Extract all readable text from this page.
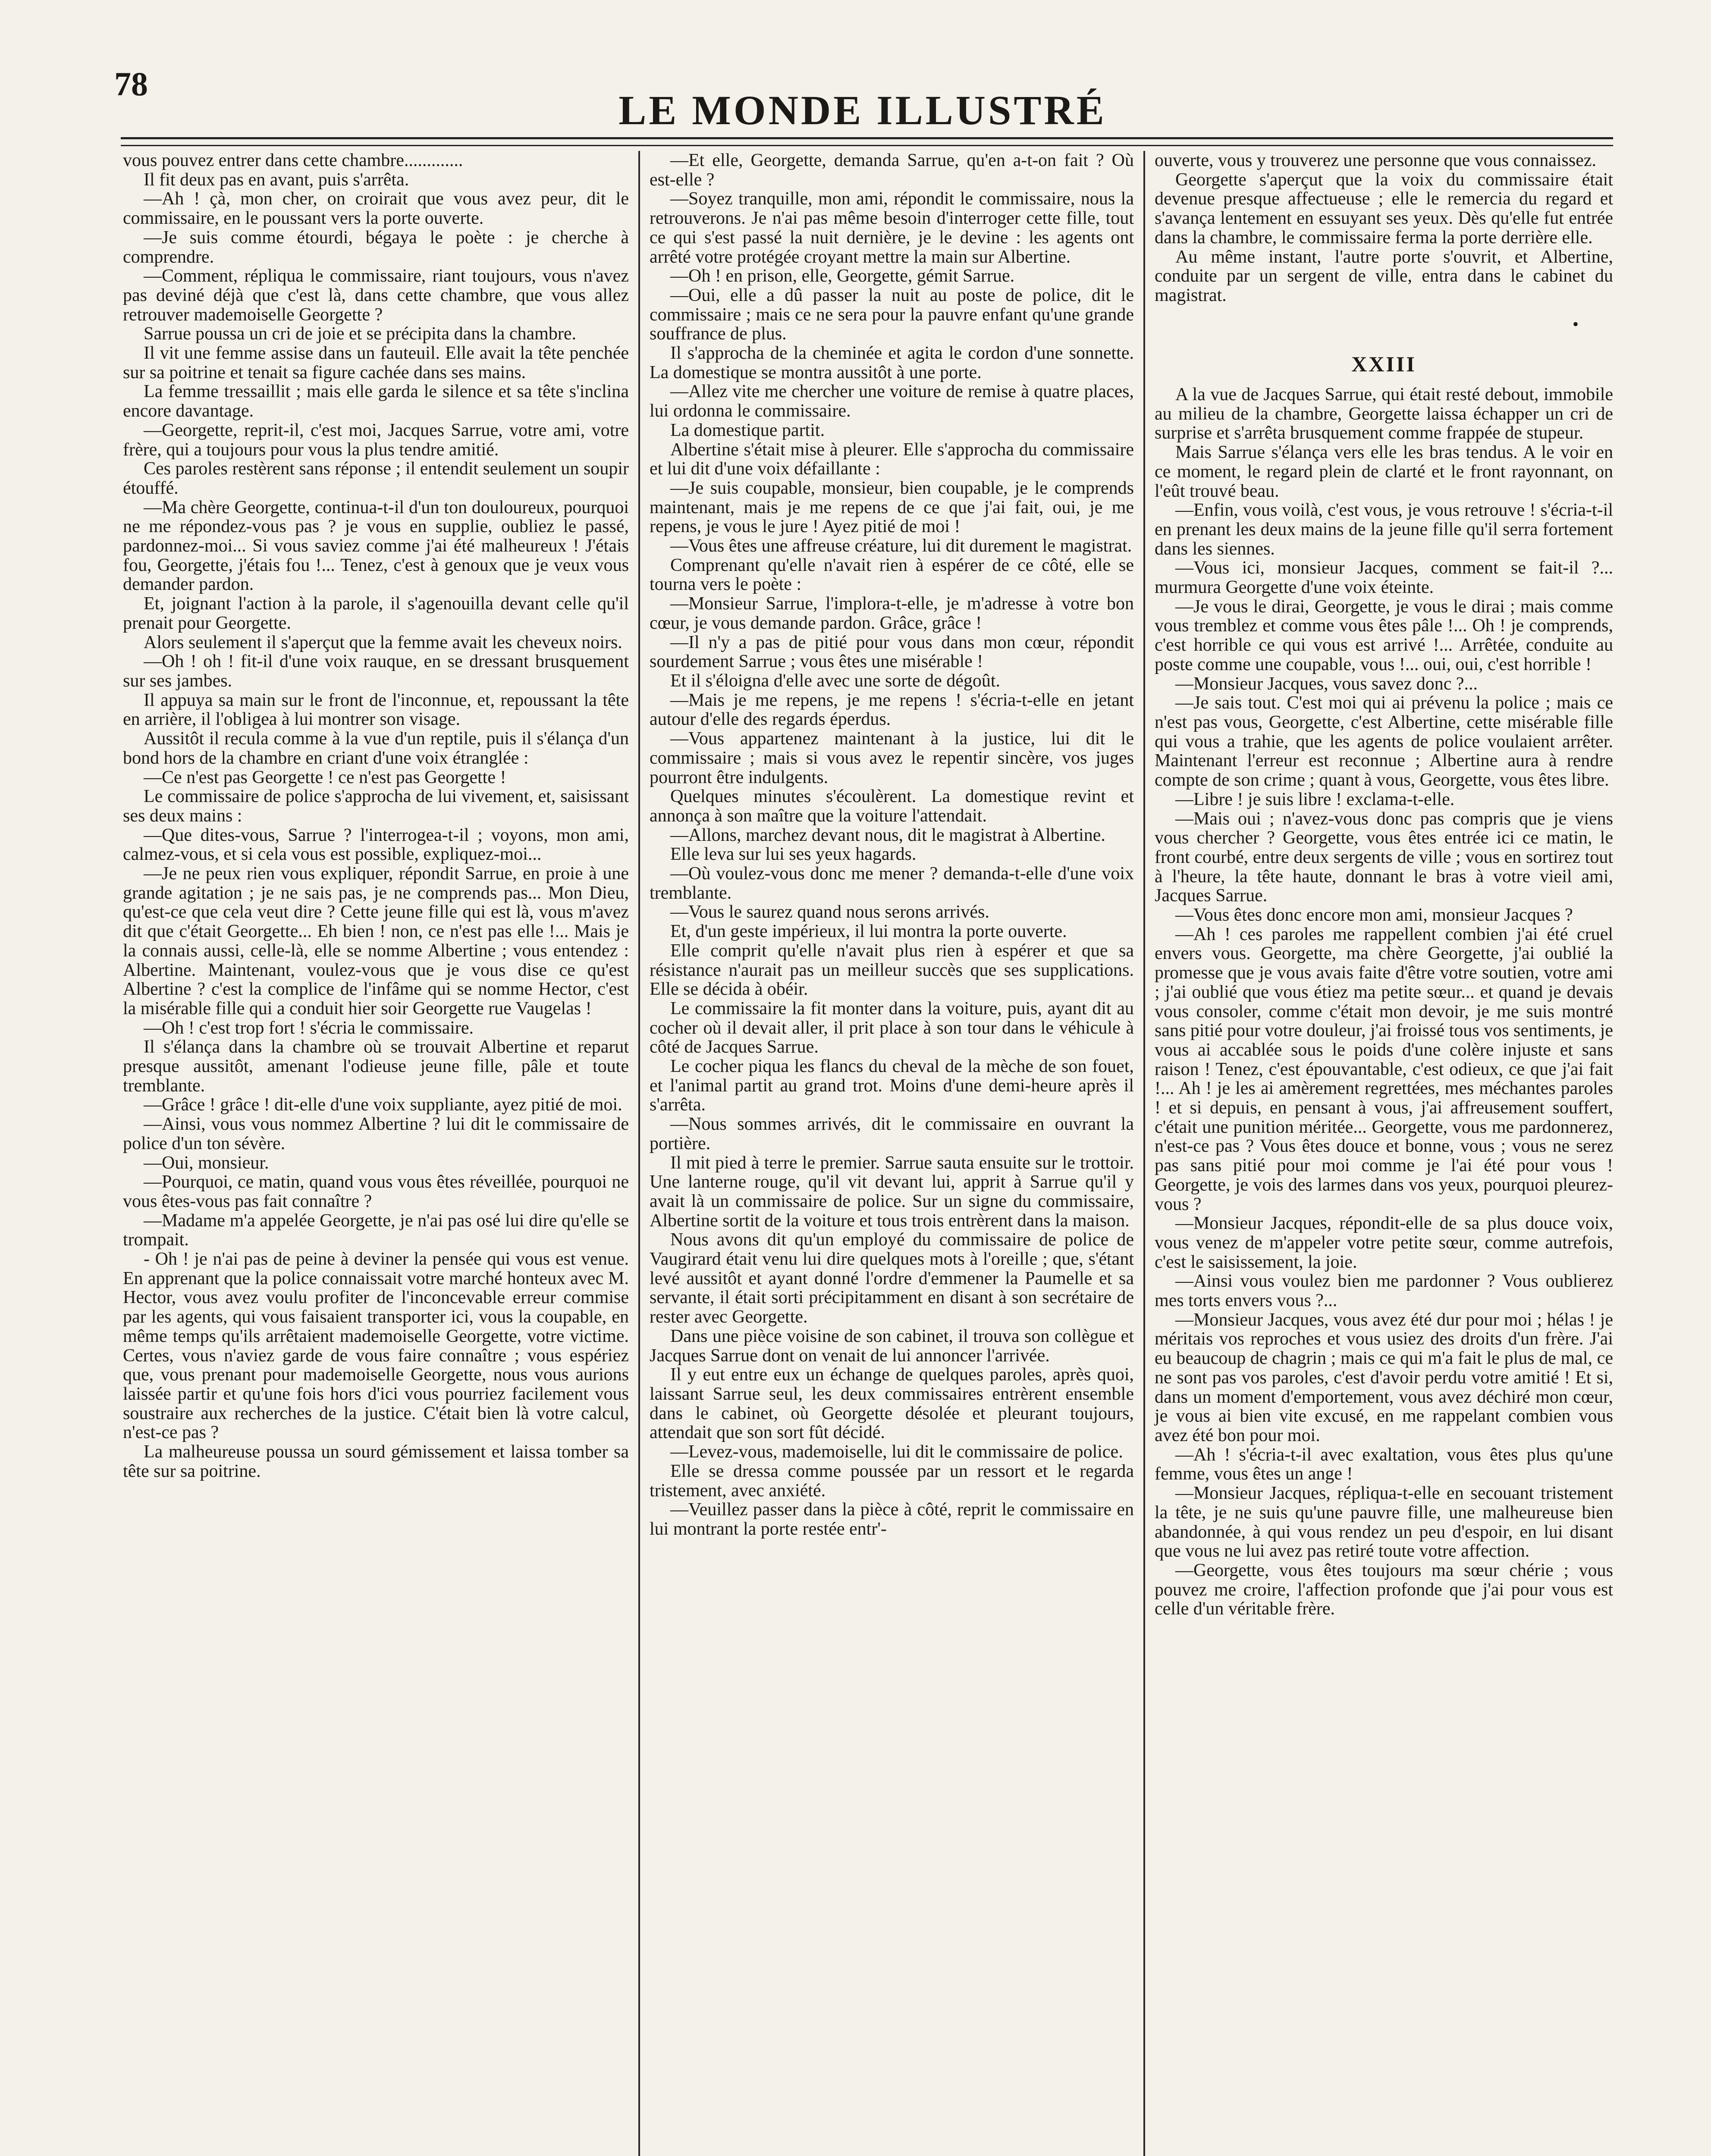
78
LE MONDE ILLUSTRÉ

vous pouvez entrer dans cette chambre.............

Il fit deux pas en avant, puis s'arrêta.

—Ah ! çà, mon cher, on croirait que vous avez peur, dit le commissaire, en le poussant vers la porte ouverte.

—Je suis comme étourdi, bégaya le poète : je cherche à comprendre.

—Comment, répliqua le commissaire, riant toujours, vous n'avez pas deviné déjà que c'est là, dans cette chambre, que vous allez retrouver mademoiselle Georgette ?

Sarrue poussa un cri de joie et se précipita dans la chambre.

Il vit une femme assise dans un fauteuil. Elle avait la tête penchée sur sa poitrine et tenait sa figure cachée dans ses mains.

La femme tressaillit ; mais elle garda le silence et sa tête s'inclina encore davantage.

—Georgette, reprit-il, c'est moi, Jacques Sarrue, votre ami, votre frère, qui a toujours pour vous la plus tendre amitié.

Ces paroles restèrent sans réponse ; il entendit seulement un soupir étouffé.

—Ma chère Georgette, continua-t-il d'un ton douloureux, pourquoi ne me répondez-vous pas ? je vous en supplie, oubliez le passé, pardonnez-moi... Si vous saviez comme j'ai été malheureux ! J'étais fou, Georgette, j'étais fou !... Tenez, c'est à genoux que je veux vous demander pardon.

Et, joignant l'action à la parole, il s'agenouilla devant celle qu'il prenait pour Georgette.

Alors seulement il s'aperçut que la femme avait les cheveux noirs.

—Oh ! oh ! fit-il d'une voix rauque, en se dressant brusquement sur ses jambes.

Il appuya sa main sur le front de l'inconnue, et, repoussant la tête en arrière, il l'obligea à lui montrer son visage.

Aussitôt il recula comme à la vue d'un reptile, puis il s'élança d'un bond hors de la chambre en criant d'une voix étranglée :

—Ce n'est pas Georgette ! ce n'est pas Georgette !

Le commissaire de police s'approcha de lui vivement, et, saisissant ses deux mains :

—Que dites-vous, Sarrue ? l'interrogea-t-il ; voyons, mon ami, calmez-vous, et si cela vous est possible, expliquez-moi...

—Je ne peux rien vous expliquer, répondit Sarrue, en proie à une grande agitation ; je ne sais pas, je ne comprends pas... Mon Dieu, qu'est-ce que cela veut dire ? Cette jeune fille qui est là, vous m'avez dit que c'était Georgette... Eh bien ! non, ce n'est pas elle !... Mais je la connais aussi, celle-là, elle se nomme Albertine ; vous entendez : Albertine. Maintenant, voulez-vous que je vous dise ce qu'est Albertine ? c'est la complice de l'infâme qui se nomme Hector, c'est la misérable fille qui a conduit hier soir Georgette rue Vaugelas !

—Oh ! c'est trop fort ! s'écria le commissaire.

Il s'élança dans la chambre où se trouvait Albertine et reparut presque aussitôt, amenant l'odieuse jeune fille, pâle et toute tremblante.

—Grâce ! grâce ! dit-elle d'une voix suppliante, ayez pitié de moi.

—Ainsi, vous vous nommez Albertine ? lui dit le commissaire de police d'un ton sévère.

—Oui, monsieur.

—Pourquoi, ce matin, quand vous vous êtes réveillée, pourquoi ne vous êtes-vous pas fait connaître ?

—Madame m'a appelée Georgette, je n'ai pas osé lui dire qu'elle se trompait.

- Oh ! je n'ai pas de peine à deviner la pensée qui vous est venue. En apprenant que la police connaissait votre marché honteux avec M. Hector, vous avez voulu profiter de l'inconcevable erreur commise par les agents, qui vous faisaient transporter ici, vous la coupable, en même temps qu'ils arrêtaient mademoiselle Georgette, votre victime. Certes, vous n'aviez garde de vous faire connaître ; vous espériez que, vous prenant pour mademoiselle Georgette, nous vous aurions laissée partir et qu'une fois hors d'ici vous pourriez facilement vous soustraire aux recherches de la justice. C'était bien là votre calcul, n'est-ce pas ?

La malheureuse poussa un sourd gémissement et laissa tomber sa tête sur sa poitrine.

—Et elle, Georgette, demanda Sarrue, qu'en a-t-on fait ? Où est-elle ?

—Soyez tranquille, mon ami, répondit le commissaire, nous la retrouverons. Je n'ai pas même besoin d'interroger cette fille, tout ce qui s'est passé la nuit dernière, je le devine : les agents ont arrêté votre protégée croyant mettre la main sur Albertine.

—Oh ! en prison, elle, Georgette, gémit Sarrue.

—Oui, elle a dû passer la nuit au poste de police, dit le commissaire ; mais ce ne sera pour la pauvre enfant qu'une grande souffrance de plus.

Il s'approcha de la cheminée et agita le cordon d'une sonnette. La domestique se montra aussitôt à une porte.

—Allez vite me chercher une voiture de remise à quatre places, lui ordonna le commissaire.

La domestique partit.

Albertine s'était mise à pleurer. Elle s'approcha du commissaire et lui dit d'une voix défaillante :

—Je suis coupable, monsieur, bien coupable, je le comprends maintenant, mais je me repens de ce que j'ai fait, oui, je me repens, je vous le jure ! Ayez pitié de moi !

—Vous êtes une affreuse créature, lui dit durement le magistrat.

Comprenant qu'elle n'avait rien à espérer de ce côté, elle se tourna vers le poète :

—Monsieur Sarrue, l'implora-t-elle, je m'adresse à votre bon cœur, je vous demande pardon. Grâce, grâce !

—Il n'y a pas de pitié pour vous dans mon cœur, répondit sourdement Sarrue ; vous êtes une misérable !

Et il s'éloigna d'elle avec une sorte de dégoût.

—Mais je me repens, je me repens ! s'écria-t-elle en jetant autour d'elle des regards éperdus.

—Vous appartenez maintenant à la justice, lui dit le commissaire ; mais si vous avez le repentir sincère, vos juges pourront être indulgents.

Quelques minutes s'écoulèrent. La domestique revint et annonça à son maître que la voiture l'attendait.

—Allons, marchez devant nous, dit le magistrat à Albertine.

Elle leva sur lui ses yeux hagards.

—Où voulez-vous donc me mener ? demanda-t-elle d'une voix tremblante.

—Vous le saurez quand nous serons arrivés.

Et, d'un geste impérieux, il lui montra la porte ouverte.

Elle comprit qu'elle n'avait plus rien à espérer et que sa résistance n'aurait pas un meilleur succès que ses supplications. Elle se décida à obéir.

Le commissaire la fit monter dans la voiture, puis, ayant dit au cocher où il devait aller, il prit place à son tour dans le véhicule à côté de Jacques Sarrue.

Le cocher piqua les flancs du cheval de la mèche de son fouet, et l'animal partit au grand trot. Moins d'une demi-heure après il s'arrêta.

—Nous sommes arrivés, dit le commissaire en ouvrant la portière.

Il mit pied à terre le premier. Sarrue sauta ensuite sur le trottoir. Une lanterne rouge, qu'il vit devant lui, apprit à Sarrue qu'il y avait là un commissaire de police. Sur un signe du commissaire, Albertine sortit de la voiture et tous trois entrèrent dans la maison.

Nous avons dit qu'un employé du commissaire de police de Vaugirard était venu lui dire quelques mots à l'oreille ; que, s'étant levé aussitôt et ayant donné l'ordre d'emmener la Paumelle et sa servante, il était sorti précipitamment en disant à son secrétaire de rester avec Georgette.

Dans une pièce voisine de son cabinet, il trouva son collègue et Jacques Sarrue dont on venait de lui annoncer l'arrivée.

Il y eut entre eux un échange de quelques paroles, après quoi, laissant Sarrue seul, les deux commissaires entrèrent ensemble dans le cabinet, où Georgette désolée et pleurant toujours, attendait que son sort fût décidé.

—Levez-vous, mademoiselle, lui dit le commissaire de police.

Elle se dressa comme poussée par un ressort et le regarda tristement, avec anxiété.

—Veuillez passer dans la pièce à côté, reprit le commissaire en lui montrant la porte restée entr'-

ouverte, vous y trouverez une personne que vous connaissez.

Georgette s'aperçut que la voix du commissaire était devenue presque affectueuse ; elle le remercia du regard et s'avança lentement en essuyant ses yeux. Dès qu'elle fut entrée dans la chambre, le commissaire ferma la porte derrière elle.

Au même instant, l'autre porte s'ouvrit, et Albertine, conduite par un sergent de ville, entra dans le cabinet du magistrat.

•
XXIII

A la vue de Jacques Sarrue, qui était resté debout, immobile au milieu de la chambre, Georgette laissa échapper un cri de surprise et s'arrêta brusquement comme frappée de stupeur.

Mais Sarrue s'élança vers elle les bras tendus. A le voir en ce moment, le regard plein de clarté et le front rayonnant, on l'eût trouvé beau.

—Enfin, vous voilà, c'est vous, je vous retrouve ! s'écria-t-il en prenant les deux mains de la jeune fille qu'il serra fortement dans les siennes.

—Vous ici, monsieur Jacques, comment se fait-il ?... murmura Georgette d'une voix éteinte.

—Je vous le dirai, Georgette, je vous le dirai ; mais comme vous tremblez et comme vous êtes pâle !... Oh ! je comprends, c'est horrible ce qui vous est arrivé !... Arrêtée, conduite au poste comme une coupable, vous !... oui, oui, c'est horrible !

—Monsieur Jacques, vous savez donc ?...

—Je sais tout. C'est moi qui ai prévenu la police ; mais ce n'est pas vous, Georgette, c'est Albertine, cette misérable fille qui vous a trahie, que les agents de police voulaient arrêter. Maintenant l'erreur est reconnue ; Albertine aura à rendre compte de son crime ; quant à vous, Georgette, vous êtes libre.

—Libre ! je suis libre ! exclama-t-elle.

—Mais oui ; n'avez-vous donc pas compris que je viens vous chercher ? Georgette, vous êtes entrée ici ce matin, le front courbé, entre deux sergents de ville ; vous en sortirez tout à l'heure, la tête haute, donnant le bras à votre vieil ami, Jacques Sarrue.

—Vous êtes donc encore mon ami, monsieur Jacques ?

—Ah ! ces paroles me rappellent combien j'ai été cruel envers vous. Georgette, ma chère Georgette, j'ai oublié la promesse que je vous avais faite d'être votre soutien, votre ami ; j'ai oublié que vous étiez ma petite sœur... et quand je devais vous consoler, comme c'était mon devoir, je me suis montré sans pitié pour votre douleur, j'ai froissé tous vos sentiments, je vous ai accablée sous le poids d'une colère injuste et sans raison ! Tenez, c'est épouvantable, c'est odieux, ce que j'ai fait !... Ah ! je les ai amèrement regrettées, mes méchantes paroles ! et si depuis, en pensant à vous, j'ai affreusement souffert, c'était une punition méritée... Georgette, vous me pardonnerez, n'est-ce pas ? Vous êtes douce et bonne, vous ; vous ne serez pas sans pitié pour moi comme je l'ai été pour vous ! Georgette, je vois des larmes dans vos yeux, pourquoi pleurez-vous ?

—Monsieur Jacques, répondit-elle de sa plus douce voix, vous venez de m'appeler votre petite sœur, comme autrefois, c'est le saisissement, la joie.

—Ainsi vous voulez bien me pardonner ? Vous oublierez mes torts envers vous ?...

—Monsieur Jacques, vous avez été dur pour moi ; hélas ! je méritais vos reproches et vous usiez des droits d'un frère. J'ai eu beaucoup de chagrin ; mais ce qui m'a fait le plus de mal, ce ne sont pas vos paroles, c'est d'avoir perdu votre amitié ! Et si, dans un moment d'emportement, vous avez déchiré mon cœur, je vous ai bien vite excusé, en me rappelant combien vous avez été bon pour moi.

—Ah ! s'écria-t-il avec exaltation, vous êtes plus qu'une femme, vous êtes un ange !

—Monsieur Jacques, répliqua-t-elle en secouant tristement la tête, je ne suis qu'une pauvre fille, une malheureuse bien abandonnée, à qui vous rendez un peu d'espoir, en lui disant que vous ne lui avez pas retiré toute votre affection.

—Georgette, vous êtes toujours ma sœur chérie ; vous pouvez me croire, l'affection profonde que j'ai pour vous est celle d'un véritable frère.
